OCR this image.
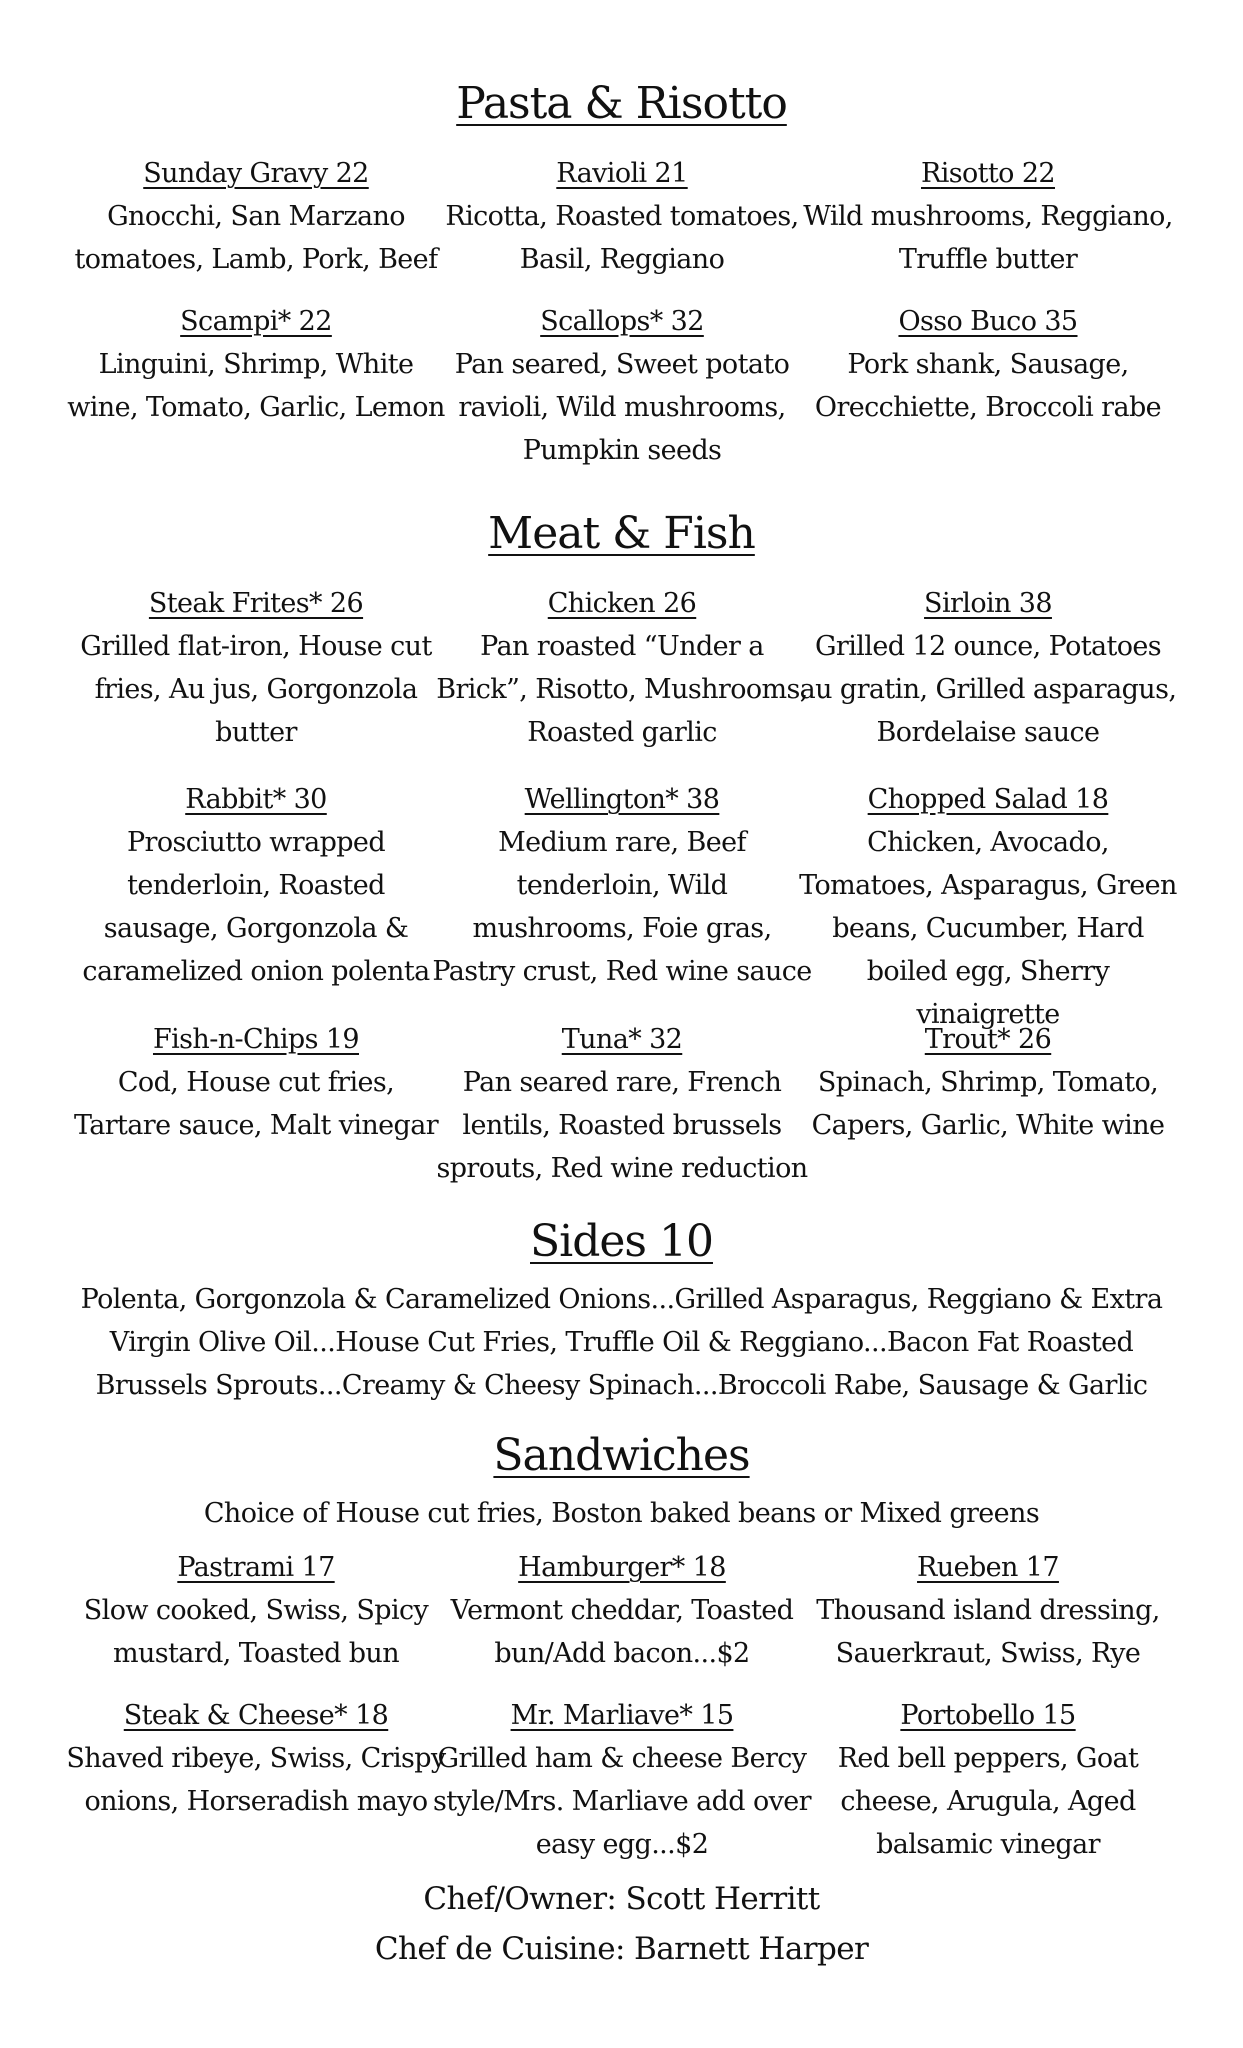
Pasta & Risotto
Sunday Gravy 22
Gnocchi, San Marzano tomatoes, Lamb, Pork, Beef
Ravioli 21
Ricotta, Roasted tomatoes, Basil, Reggiano
Risotto 22
Wild mushrooms, Reggiano, Truffle butter
Scampi* 22
Linguini, Shrimp, White wine, Tomato, Garlic, Lemon
Scallops* 32
Pan seared, Sweet potato ravioli, Wild mushrooms, Pumpkin seeds
Osso Buco 35
Pork shank, Sausage, Orecchiette, Broccoli rabe
Meat & Fish
Steak Frites* 26
Grilled flat-iron, House cut fries, Au jus, Gorgonzola butter
Chicken 26
Pan roasted “Under a Brick”, Risotto, Mushrooms, Roasted garlic
Sirloin 38
Grilled 12 ounce, Potatoes au gratin, Grilled asparagus, Bordelaise sauce
Rabbit* 30
Prosciutto wrapped tenderloin, Roasted sausage, Gorgonzola & caramelized onion polenta
Wellington* 38
Medium rare, Beef tenderloin, Wild mushrooms, Foie gras, Pastry crust, Red wine sauce
Chopped Salad 18
Chicken, Avocado, Tomatoes, Asparagus, Green beans, Cucumber, Hard boiled egg, Sherry vinaigrette
Fish-n-Chips 19
Cod, House cut fries, Tartare sauce, Malt vinegar
Tuna* 32
Pan seared rare, French lentils, Roasted brussels sprouts, Red wine reduction
Trout* 26
Spinach, Shrimp, Tomato, Capers, Garlic, White wine
Sides 10
Polenta, Gorgonzola & Caramelized Onions...Grilled Asparagus, Reggiano & Extra Virgin Olive Oil...House Cut Fries, Truffle Oil & Reggiano...Bacon Fat Roasted Brussels Sprouts...Creamy & Cheesy Spinach...Broccoli Rabe, Sausage & Garlic
Sandwiches
Choice of House cut fries, Boston baked beans or Mixed greens
Pastrami 17
Slow cooked, Swiss, Spicy mustard, Toasted bun
Hamburger* 18
Vermont cheddar, Toasted bun/Add bacon...$2
Rueben 17
Thousand island dressing, Sauerkraut, Swiss, Rye
Steak & Cheese* 18
Shaved ribeye, Swiss, Crispy onions, Horseradish mayo
Mr. Marliave* 15
Grilled ham & cheese Bercy style/Mrs. Marliave add over easy egg...$2
Portobello 15
Red bell peppers, Goat cheese, Arugula, Aged balsamic vinegar
Chef/Owner: Scott Herritt
Chef de Cuisine: Barnett Harper
